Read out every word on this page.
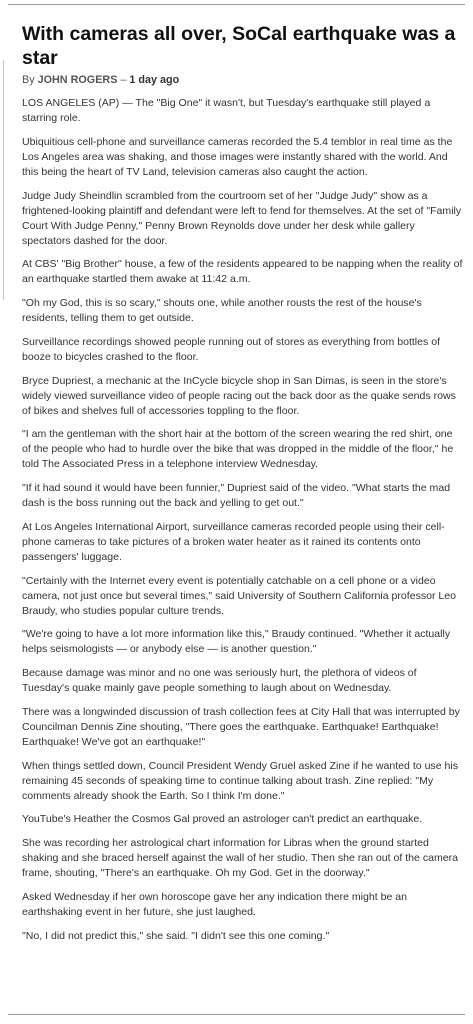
With cameras all over, SoCal earthquake was a star
By JOHN ROGERS – 1 day ago

LOS ANGELES (AP) — The "Big One" it wasn't, but Tuesday's earthquake still played a starring role.

Ubiquitious cell-phone and surveillance cameras recorded the 5.4 temblor in real time as the Los Angeles area was shaking, and those images were instantly shared with the world. And this being the heart of TV Land, television cameras also caught the action.

Judge Judy Sheindlin scrambled from the courtroom set of her "Judge Judy" show as a frightened-looking plaintiff and defendant were left to fend for themselves. At the set of "Family Court With Judge Penny," Penny Brown Reynolds dove under her desk while gallery spectators dashed for the door.

At CBS' "Big Brother" house, a few of the residents appeared to be napping when the reality of an earthquake startled them awake at 11:42 a.m.

"Oh my God, this is so scary," shouts one, while another rousts the rest of the house's residents, telling them to get outside.

Surveillance recordings showed people running out of stores as everything from bottles of booze to bicycles crashed to the floor.

Bryce Dupriest, a mechanic at the InCycle bicycle shop in San Dimas, is seen in the store's widely viewed surveillance video of people racing out the back door as the quake sends rows of bikes and shelves full of accessories toppling to the floor.

"I am the gentleman with the short hair at the bottom of the screen wearing the red shirt, one of the people who had to hurdle over the bike that was dropped in the middle of the floor," he told The Associated Press in a telephone interview Wednesday.

"If it had sound it would have been funnier," Dupriest said of the video. "What starts the mad dash is the boss running out the back and yelling to get out."

At Los Angeles International Airport, surveillance cameras recorded people using their cell-phone cameras to take pictures of a broken water heater as it rained its contents onto passengers' luggage.

"Certainly with the Internet every event is potentially catchable on a cell phone or a video camera, not just once but several times," said University of Southern California professor Leo Braudy, who studies popular culture trends.

"We're going to have a lot more information like this," Braudy continued. "Whether it actually helps seismologists — or anybody else — is another question."

Because damage was minor and no one was seriously hurt, the plethora of videos of Tuesday's quake mainly gave people something to laugh about on Wednesday.

There was a longwinded discussion of trash collection fees at City Hall that was interrupted by Councilman Dennis Zine shouting, "There goes the earthquake. Earthquake! Earthquake! Earthquake! We've got an earthquake!"

When things settled down, Council President Wendy Gruel asked Zine if he wanted to use his remaining 45 seconds of speaking time to continue talking about trash. Zine replied: "My comments already shook the Earth. So I think I'm done."

YouTube's Heather the Cosmos Gal proved an astrologer can't predict an earthquake.

She was recording her astrological chart information for Libras when the ground started shaking and she braced herself against the wall of her studio. Then she ran out of the camera frame, shouting, "There's an earthquake. Oh my God. Get in the doorway."

Asked Wednesday if her own horoscope gave her any indication there might be an earthshaking event in her future, she just laughed.

"No, I did not predict this," she said. "I didn't see this one coming."
